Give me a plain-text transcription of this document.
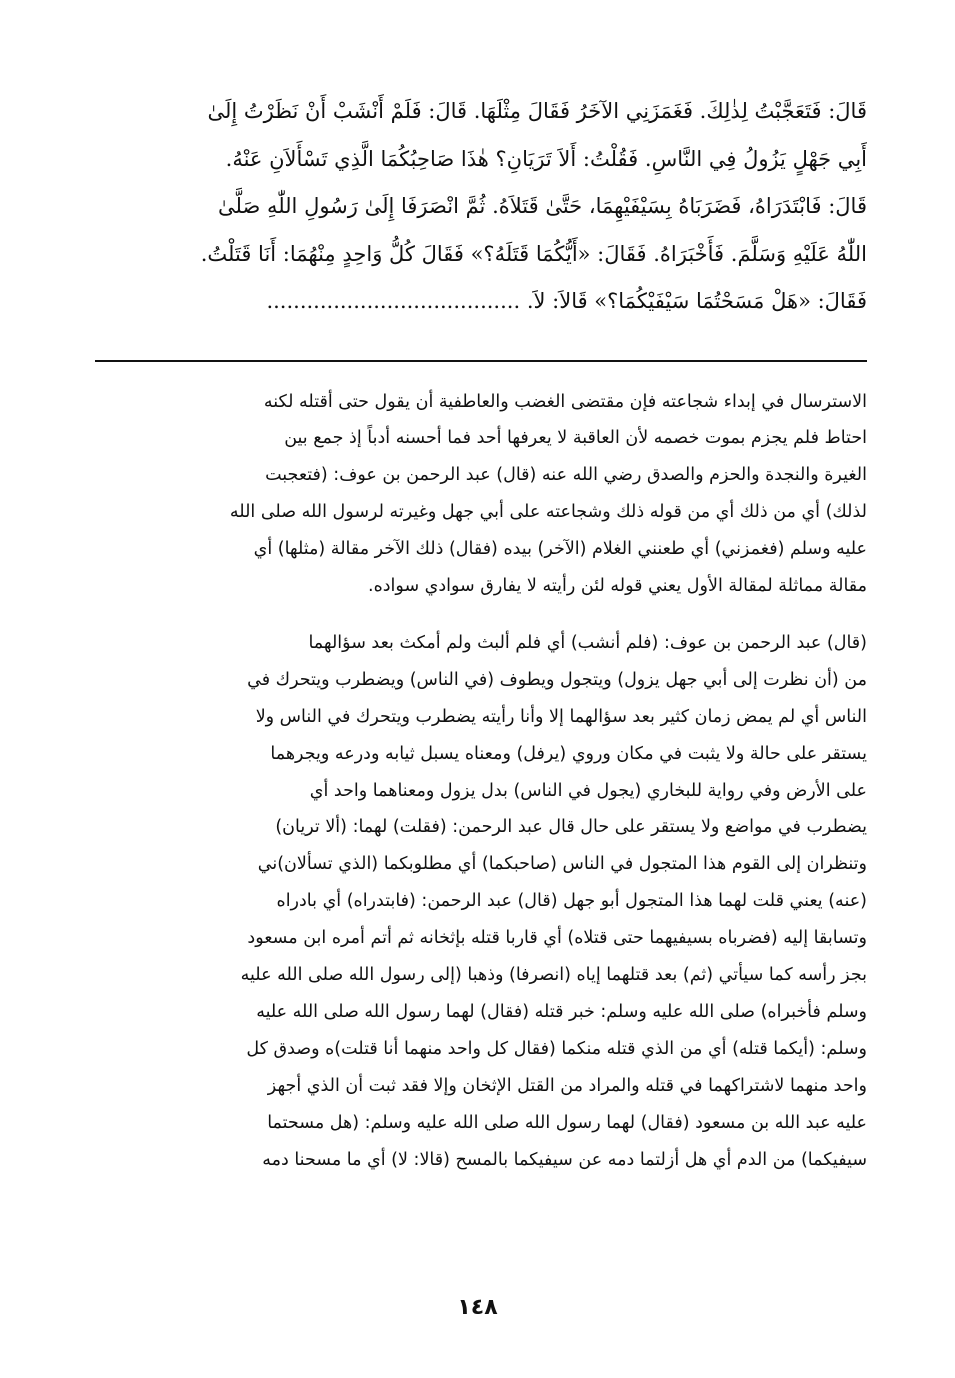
قَالَ: فَتَعَجَّبْتُ لِذٰلِكَ. فَغَمَزَنِي الآخَرُ فَقَالَ مِثْلَهَا. قَالَ: فَلَمْ أَنْشَبْ أَنْ نَظَرْتُ إِلَىٰ
أَبِي جَهْلٍ يَزُولُ فِي النَّاسِ. فَقُلْتُ: أَلاَ تَرَيَانِ؟ هٰذَا صَاحِبُكُمَا الَّذِي تَسْأَلاَنِ عَنْهُ.
قَالَ: فَابْتَدَرَاهُ، فَضَرَبَاهُ بِسَيْفَيْهِمَا، حَتَّىٰ قَتَلاَهُ. ثُمَّ انْصَرَفَا إِلَىٰ رَسُولِ اللّٰهِ صَلَّىٰ
اللّٰهُ عَلَيْهِ وَسَلَّمَ. فَأَخْبَرَاهُ. فَقَالَ: «أَيُّكُمَا قَتَلَهُ؟» فَقَالَ كُلُّ وَاحِدٍ مِنْهُمَا: أَنَا قَتَلْتُ.
فَقَالَ: «هَلْ مَسَحْتُمَا سَيْفَيْكُمَا؟» قَالاَ: لاَ. ......................................
الاسترسال في إبداء شجاعته فإن مقتضى الغضب والعاطفية أن يقول حتى أقتله لكنه
احتاط فلم يجزم بموت خصمه لأن العاقبة لا يعرفها أحد فما أحسنه أدباً إذ جمع بين
الغيرة والنجدة والحزم والصدق رضي الله عنه (قال) عبد الرحمن بن عوف: (فتعجبت
لذلك) أي من ذلك أي من قوله ذلك وشجاعته على أبي جهل وغيرته لرسول الله صلى الله
عليه وسلم (فغمزني) أي طعنني الغلام (الآخر) بيده (فقال) ذلك الآخر مقالة (مثلها) أي
مقالة مماثلة لمقالة الأول يعني قوله لئن رأيته لا يفارق سوادي سواده.
(قال) عبد الرحمن بن عوف: (فلم أنشب) أي فلم ألبث ولم أمكث بعد سؤالهما
من (أن نظرت إلى أبي جهل يزول) ويتجول ويطوف (في الناس) ويضطرب ويتحرك في
الناس أي لم يمض زمان كثير بعد سؤالهما إلا وأنا رأيته يضطرب ويتحرك في الناس ولا
يستقر على حالة ولا يثبت في مكان وروي (يرفل) ومعناه يسبل ثيابه ودرعه ويجرهما
على الأرض وفي رواية للبخاري (يجول في الناس) بدل يزول ومعناهما واحد أي
يضطرب في مواضع ولا يستقر على حال قال عبد الرحمن: (فقلت) لهما: (ألا تريان)
وتنظران إلى القوم هذا المتجول في الناس (صاحبكما) أي مطلوبكما (الذي تسألان)ني
(عنه) يعني قلت لهما هذا المتجول أبو جهل (قال) عبد الرحمن: (فابتدراه) أي بادراه
وتسابقا إليه (فضرباه بسيفيهما حتى قتلاه) أي قاربا قتله بإثخانه ثم أتم أمره ابن مسعود
بجز رأسه كما سيأتي (ثم) بعد قتلهما إياه (انصرفا) وذهبا (إلى رسول الله صلى الله عليه
وسلم فأخبراه) صلى الله عليه وسلم: خبر قتله (فقال) لهما رسول الله صلى الله عليه
وسلم: (أيكما قتله) أي من الذي قتله منكما (فقال كل واحد منهما أنا قتلت)ه وصدق كل
واحد منهما لاشتراكهما في قتله والمراد من القتل الإثخان وإلا فقد ثبت أن الذي أجهز
عليه عبد الله بن مسعود (فقال) لهما رسول الله صلى الله عليه وسلم: (هل مسحتما
سيفيكما) من الدم أي هل أزلتما دمه عن سيفيكما بالمسح (قالا: لا) أي ما مسحنا دمه
١٤٨
